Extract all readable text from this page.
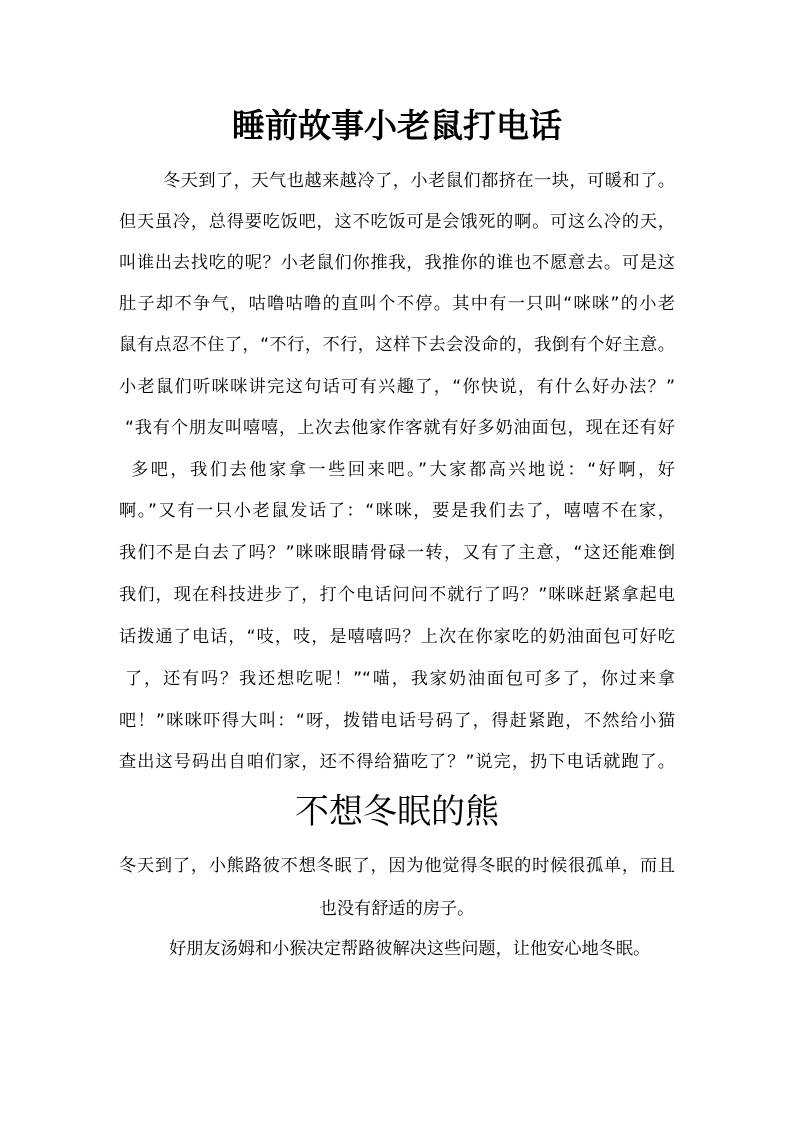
睡前故事小老鼠打电话

冬天到了，天气也越来越冷了，小老鼠们都挤在一块，可暖和了。

但天虽冷，总得要吃饭吧，这不吃饭可是会饿死的啊。可这么冷的天，

叫谁出去找吃的呢？小老鼠们你推我，我推你的谁也不愿意去。可是这

肚子却不争气，咕噜咕噜的直叫个不停。其中有一只叫“咪咪”的小老

鼠有点忍不住了，“不行，不行，这样下去会没命的，我倒有个好主意。

小老鼠们听咪咪讲完这句话可有兴趣了，“你快说，有什么好办法？”

“我有个朋友叫嘻嘻，上次去他家作客就有好多奶油面包，现在还有好

多吧，我们去他家拿一些回来吧。”大家都高兴地说：“好啊，好

啊。”又有一只小老鼠发话了：“咪咪，要是我们去了，嘻嘻不在家，

我们不是白去了吗？”咪咪眼睛骨碌一转，又有了主意，“这还能难倒

我们，现在科技进步了，打个电话问问不就行了吗？”咪咪赶紧拿起电

话拨通了电话，“吱，吱，是嘻嘻吗？上次在你家吃的奶油面包可好吃

了，还有吗？我还想吃呢！”“喵，我家奶油面包可多了，你过来拿

吧！”咪咪吓得大叫：“呀，拨错电话号码了，得赶紧跑，不然给小猫

查出这号码出自咱们家，还不得给猫吃了？”说完，扔下电话就跑了。

不想冬眠的熊

冬天到了，小熊路彼不想冬眠了，因为他觉得冬眠的时候很孤单，而且

也没有舒适的房子。

好朋友汤姆和小猴决定帮路彼解决这些问题，让他安心地冬眠。
